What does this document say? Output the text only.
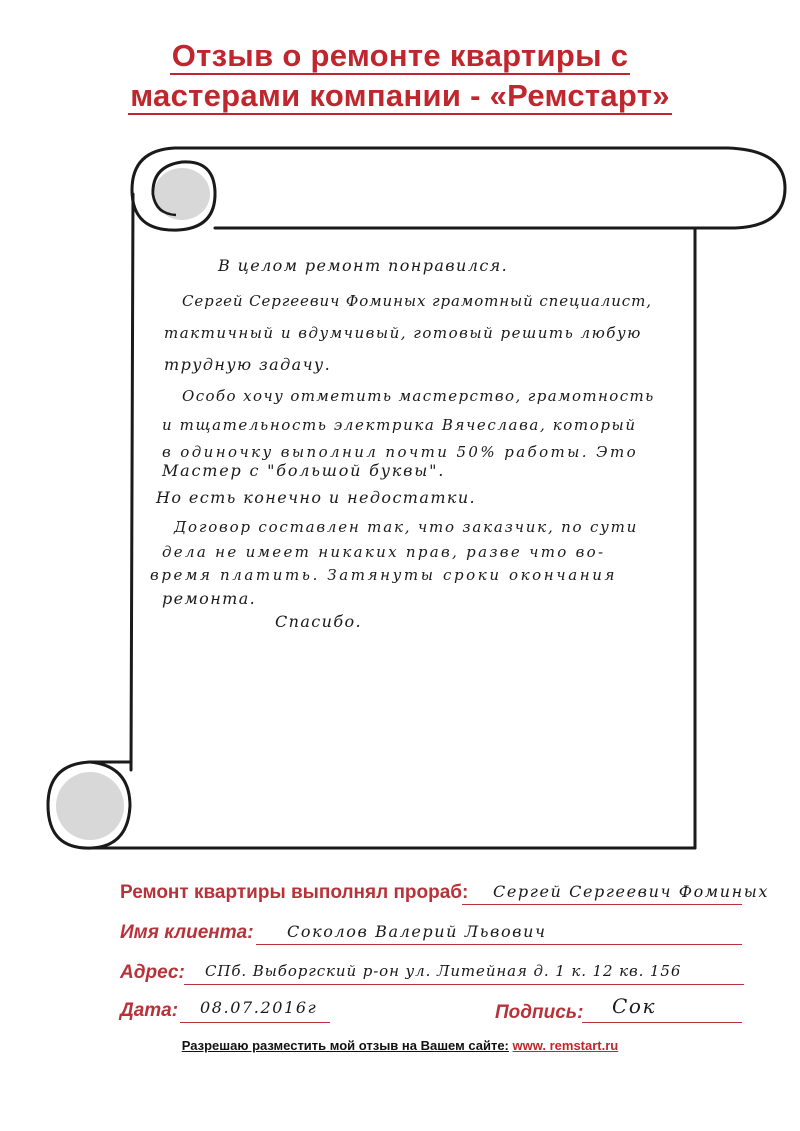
Отзыв о ремонте квартиры с
мастерами компании - «Ремстарт»
В целом ремонт понравился.
Сергей Сергеевич Фоминых грамотный специалист,
тактичный и вдумчивый, готовый решить любую
трудную задачу.
Особо хочу отметить мастерство, грамотность
и тщательность электрика Вячеслава, который
в одиночку выполнил почти 50% работы. Это
Мастер с "большой буквы".
Но есть конечно и недостатки.
Договор составлен так, что заказчик, по сути
дела не имеет никаких прав, разве что во-
время платить. Затянуты сроки окончания
ремонта.
Спасибо.
Ремонт квартиры выполнял прораб: Сергей Сергеевич Фоминых
Имя клиента: Соколов Валерий Львович
Адрес: СПб. Выборгский р-он ул. Литейная д. 1 к. 12 кв. 156
Дата: 08.07.2016г	Подпись: Сок
Разрешаю разместить мой отзыв на Вашем сайте: www. remstart.ru
